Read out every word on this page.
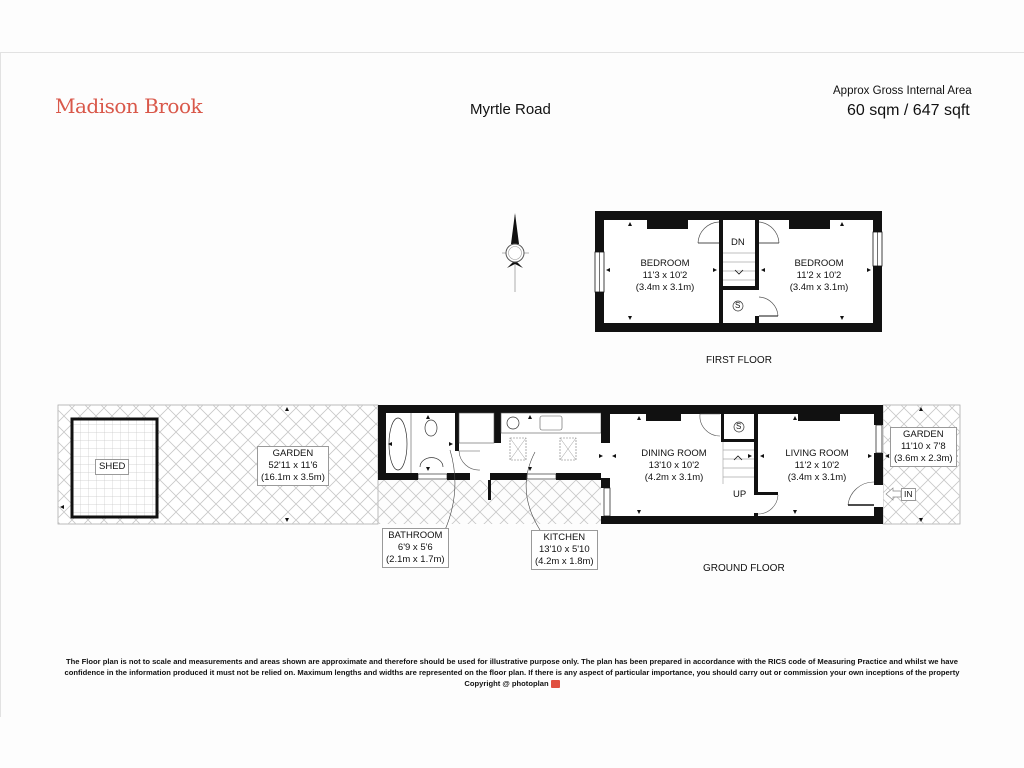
Madison Brook	Myrtle Road
Approx Gross Internal Area
60 sqm / 647 sqft
BEDROOM
11'3 x 10'2
(3.4m x 3.1m)
BEDROOM
11'2 x 10'2
(3.4m x 3.1m)
DN
S
FIRST FLOOR
SHED
GARDEN
52'11 x 11'6
(16.1m x 3.5m)
BATHROOM
6'9 x 5'6
(2.1m x 1.7m)
KITCHEN
13'10 x 5'10
(4.2m x 1.8m)
DINING ROOM
13'10 x 10'2
(4.2m x 3.1m)
LIVING ROOM
11'2 x 10'2
(3.4m x 3.1m)
GARDEN
11'10 x 7'8
(3.6m x 2.3m)
UP
S
IN
GROUND FLOOR
The Floor plan is not to scale and measurements and areas shown are approximate and therefore should be used for illustrative purpose only. The plan has been prepared in accordance with the RICS code of Measuring Practice and whilst we have
confidence in the information produced it must not be relied on. Maximum lengths and widths are represented on the floor plan. If there is any aspect of particular importance, you should carry out or commission your own inceptions of the property
Copyright @ photoplan
